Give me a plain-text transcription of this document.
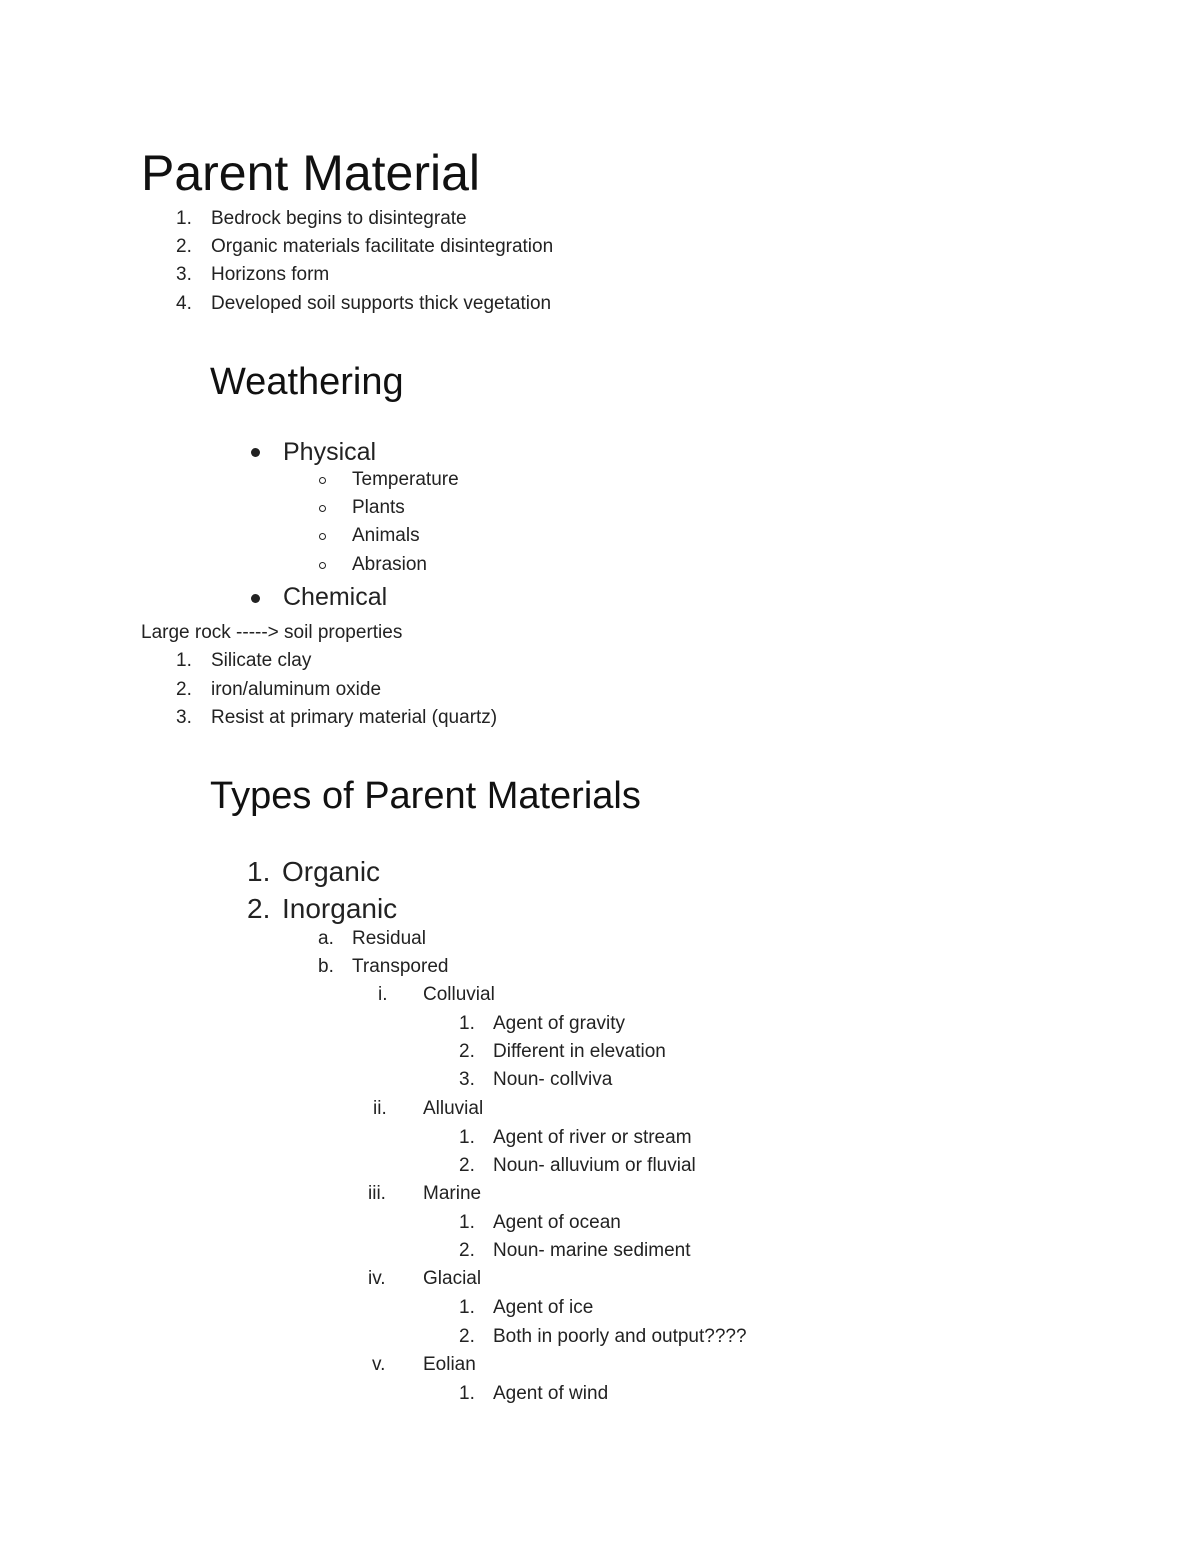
Parent Material
1. Bedrock begins to disintegrate
2. Organic materials facilitate disintegration
3. Horizons form
4. Developed soil supports thick vegetation
Weathering
Physical
Temperature
Plants
Animals
Abrasion
Chemical
Large rock -----> soil properties
1. Silicate clay
2. iron/aluminum oxide
3. Resist at primary material (quartz)
Types of Parent Materials
1. Organic
2. Inorganic
a. Residual
b. Transpored
i. Colluvial
1. Agent of gravity
2. Different in elevation
3. Noun- collviva
ii. Alluvial
1. Agent of river or stream
2. Noun- alluvium or fluvial
iii. Marine
1. Agent of ocean
2. Noun- marine sediment
iv. Glacial
1. Agent of ice
2. Both in poorly and output????
v. Eolian
1. Agent of wind
